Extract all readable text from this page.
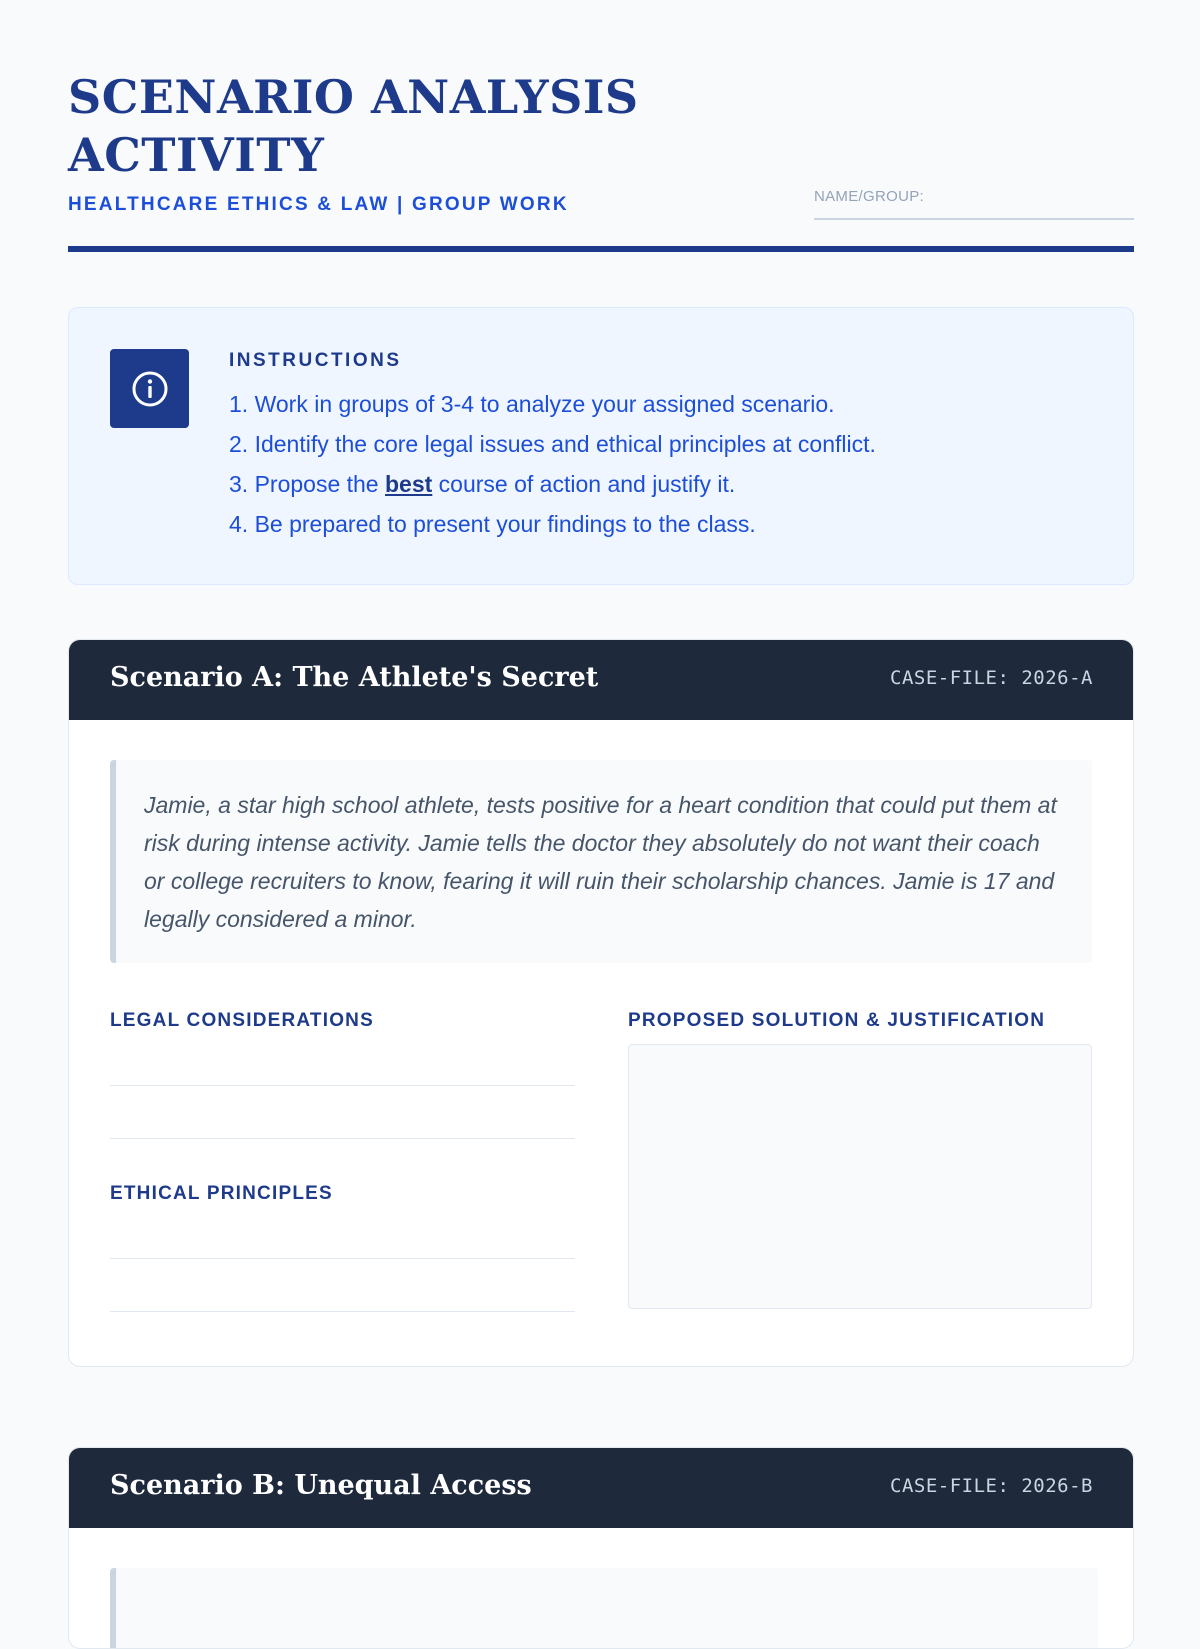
SCENARIO ANALYSIS ACTIVITY
HEALTHCARE ETHICS & LAW | GROUP WORK	NAME/GROUP:
INSTRUCTIONS
1. Work in groups of 3-4 to analyze your assigned scenario.
2. Identify the core legal issues and ethical principles at conflict.
3. Propose the best course of action and justify it.
4. Be prepared to present your findings to the class.
Scenario A: The Athlete's Secret	CASE-FILE: 2026-A

Jamie, a star high school athlete, tests positive for a heart condition that could put them at risk during intense activity. Jamie tells the doctor they absolutely do not want their coach or college recruiters to know, fearing it will ruin their scholarship chances. Jamie is 17 and legally considered a minor.

LEGAL CONSIDERATIONS
ETHICAL PRINCIPLES
PROPOSED SOLUTION & JUSTIFICATION
Scenario B: Unequal Access	CASE-FILE: 2026-B
